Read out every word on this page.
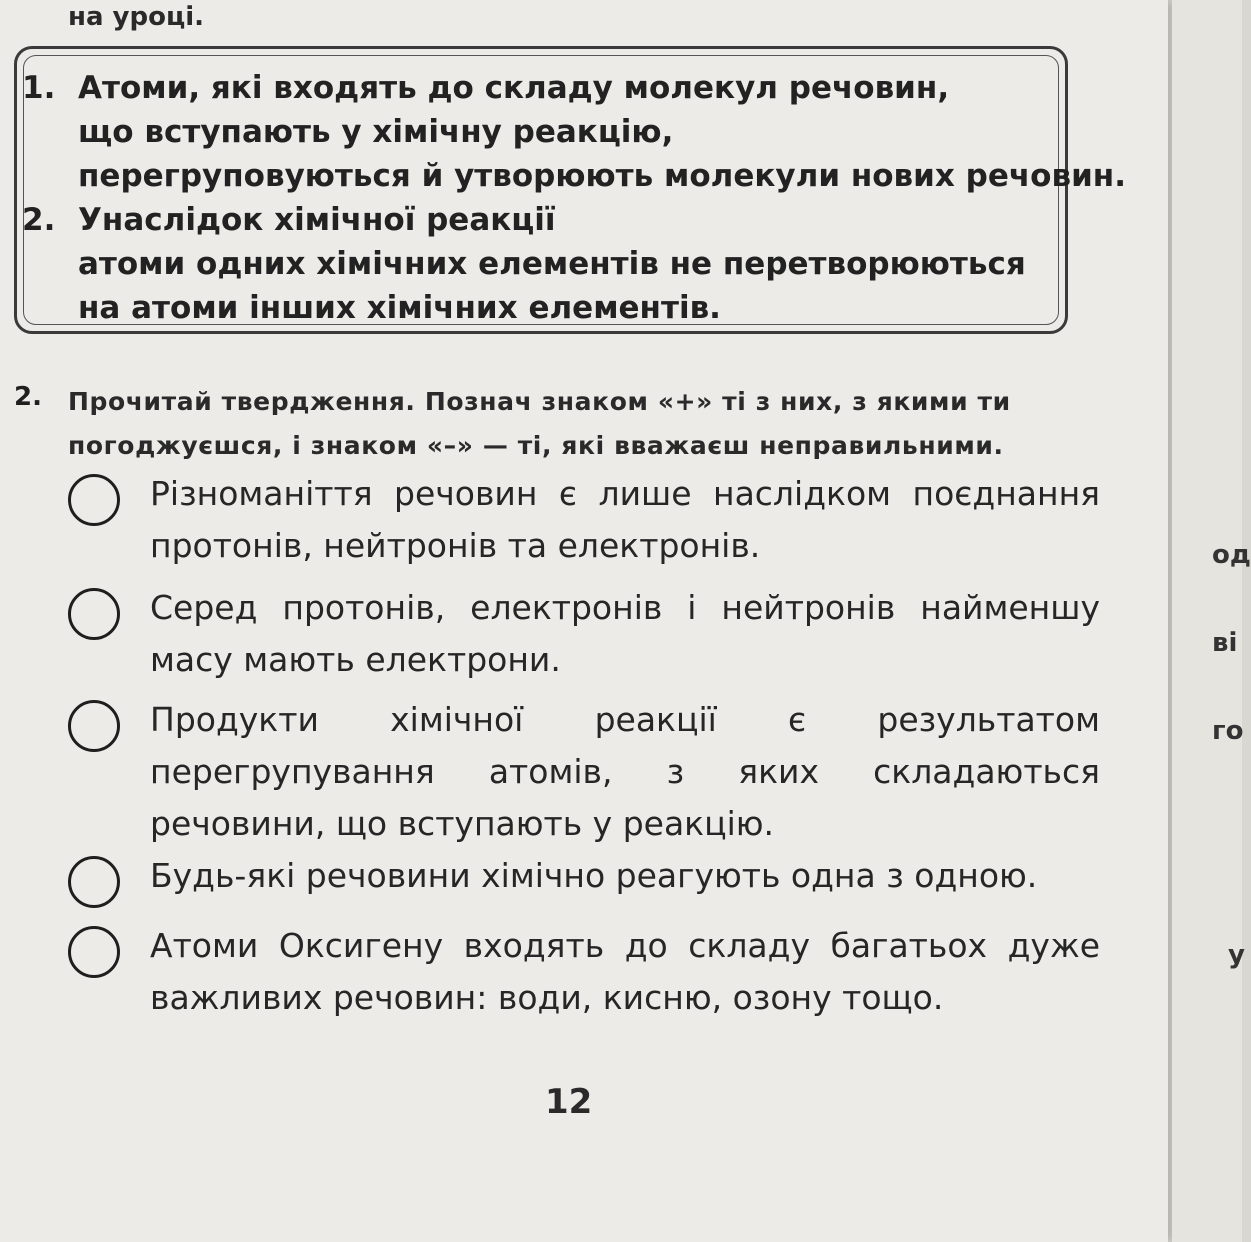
на уроці.
1. Атоми, які входять до складу молекул речовин,
що вступають у хімічну реакцію,
перегруповуються й утворюють молекули нових речовин.
2. Унаслідок хімічної реакції
атоми одних хімічних елементів не перетворюються
на атоми інших хімічних елементів.
2. Прочитай твердження. Познач знаком «+» ті з них, з якими ти погоджуєшся, і знаком «–» — ті, які вважаєш неправильними.
Різноманіття речовин є лише наслідком поєднання протонів, нейтронів та електронів.
Серед протонів, електронів і нейтронів найменшу масу мають електрони.
Продукти хімічної реакції є результатом перегрупування атомів, з яких складаються речовини, що вступають у реакцію.
Будь-які речовини хімічно реагують одна з одною.
Атоми Оксигену входять до складу багатьох дуже важливих речовин: води, кисню, озону тощо.
12
од
ві
го
у
